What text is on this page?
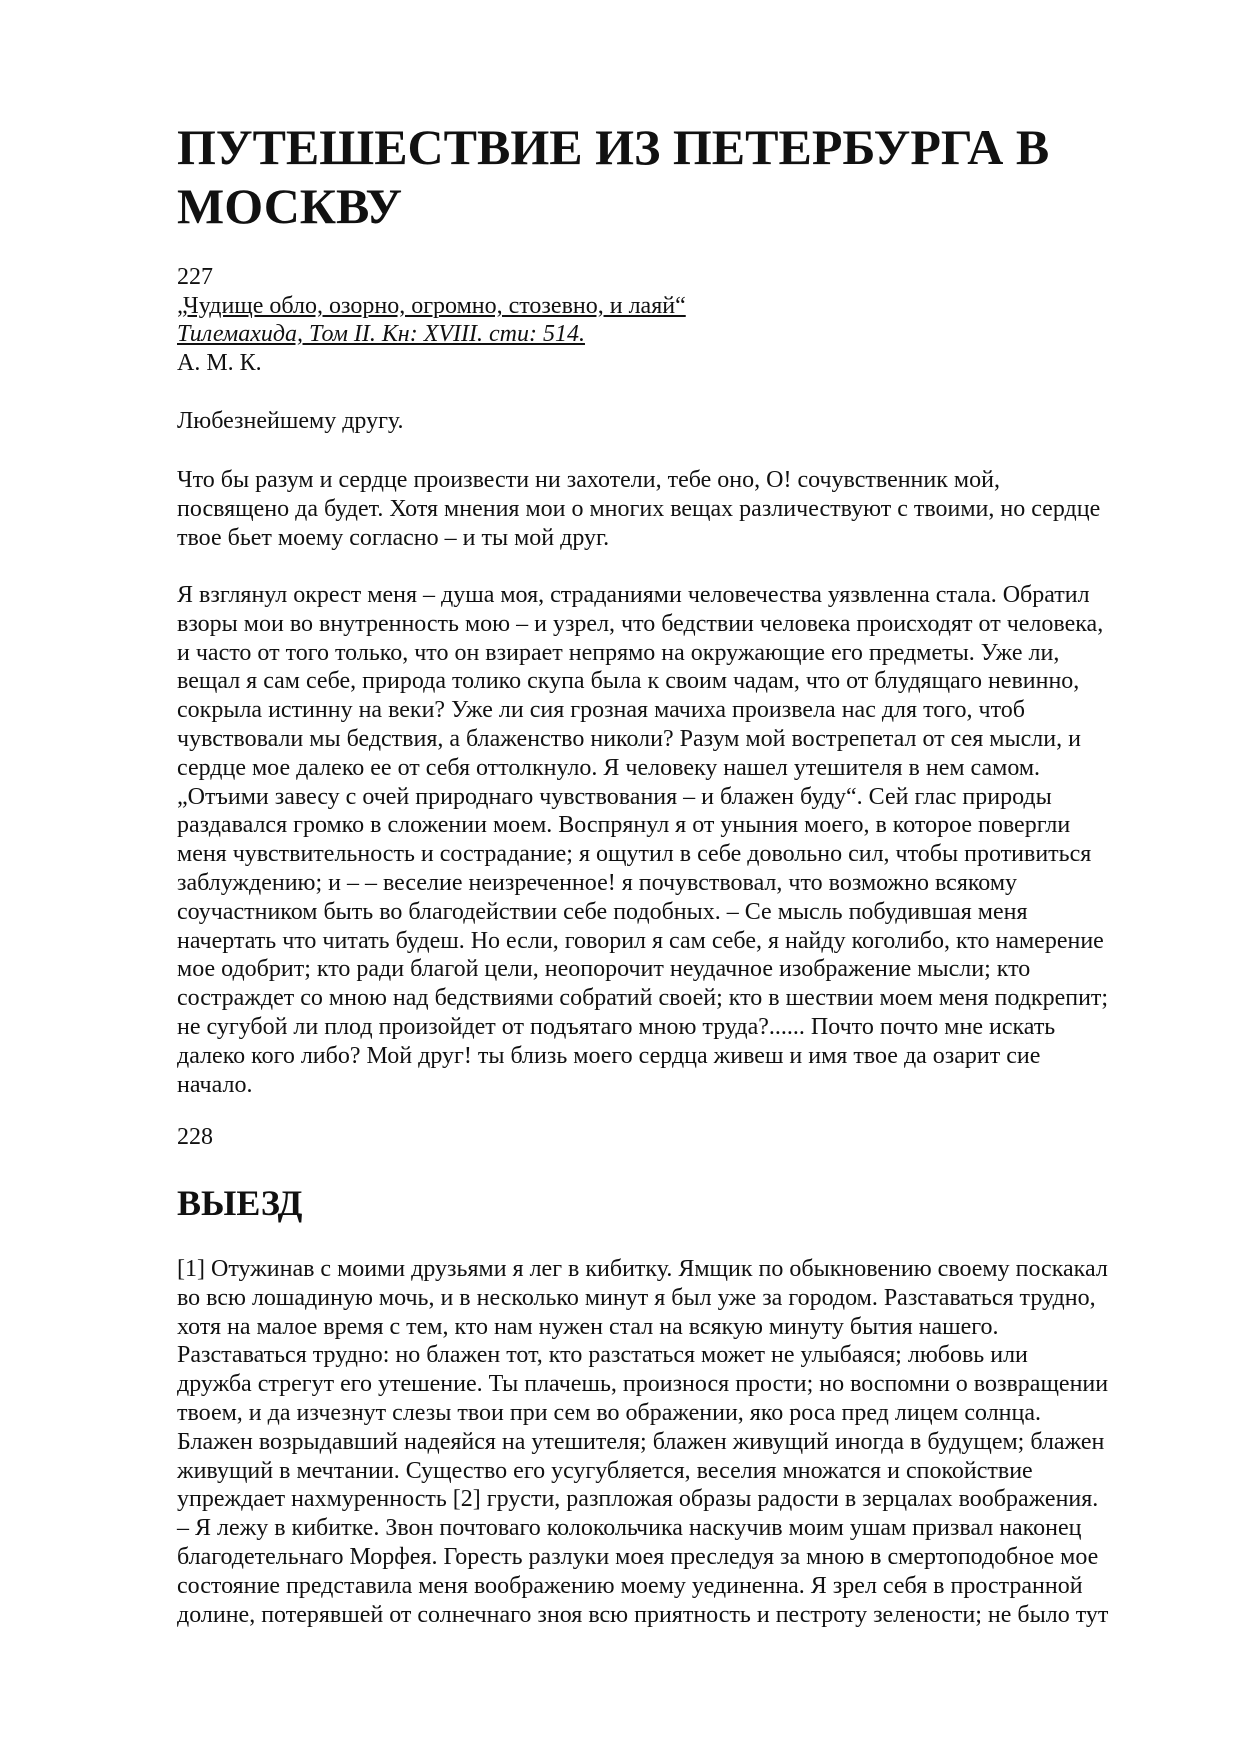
ПУТЕШЕСТВИЕ ИЗ ПЕТЕРБУРГА В МОСКВУ
227
„Чудище обло, озорно, огромно, стозевно, и лаяй“
Тилемахида, Том II. Кн: XVIII. сти: 514.
А. М. К.
Любезнейшему другу.

Что бы разум и сердце произвести ни захотели, тебе оно, О! сочувственник мой,
посвящено да будет. Хотя мнения мои о многих вещах различествуют с твоими, но сердце
твое бьет моему согласно – и ты мой друг.

Я взглянул окрест меня – душа моя, страданиями человечества уязвленна стала. Обратил
взоры мои во внутренность мою – и узрел, что бедствии человека происходят от человека,
и часто от того только, что он взирает непрямо на окружающие его предметы. Уже ли,
вещал я сам себе, природа толико скупа была к своим чадам, что от блудящаго невинно,
сокрыла истинну на веки? Уже ли сия грозная мачиха произвела нас для того, чтоб
чувствовали мы бедствия, а блаженство николи? Разум мой вострепетал от сея мысли, и
сердце мое далеко ее от себя оттолкнуло. Я человеку нашел утешителя в нем самом.
„Отъими завесу с очей природнаго чувствования – и блажен буду“. Сей глас природы
раздавался громко в сложении моем. Воспрянул я от уныния моего, в которое повергли
меня чувствительность и сострадание; я ощутил в себе довольно сил, чтобы противиться
заблуждению; и – – веселие неизреченное! я почувствовал, что возможно всякому
соучастником быть во благодействии себе подобных. – Се мысль побудившая меня
начертать что читать будеш. Но если, говорил я сам себе, я найду коголибо, кто намерение
мое одобрит; кто ради благой цели, неопорочит неудачное изображение мысли; кто
состраждет со мною над бедствиями собратий своей; кто в шествии моем меня подкрепит;
не сугубой ли плод произойдет от подъятаго мною труда?...... Почто почто мне искать
далеко кого либо? Мой друг! ты близь моего сердца живеш и имя твое да озарит сие
начало.

228
ВЫЕЗД

[1] Отужинав с моими друзьями я лег в кибитку. Ямщик по обыкновению своему поскакал
во всю лошадиную мочь, и в несколько минут я был уже за городом. Разставаться трудно,
хотя на малое время с тем, кто нам нужен стал на всякую минуту бытия нашего.
Разставаться трудно: но блажен тот, кто разстаться может не улыбаяся; любовь или
дружба стрегут его утешение. Ты плачешь, произнося прости; но воспомни о возвращении
твоем, и да изчезнут слезы твои при сем во ображении, яко роса пред лицем солнца.
Блажен возрыдавший надеяйся на утешителя; блажен живущий иногда в будущем; блажен
живущий в мечтании. Существо его усугубляется, веселия множатся и спокойствие
упреждает нахмуренность [2] грусти, разпложая образы радости в зерцалах воображения.
– Я лежу в кибитке. Звон почтоваго колокольчика наскучив моим ушам призвал наконец
благодетельнаго Морфея. Горесть разлуки моея преследуя за мною в смертоподобное мое
состояние представила меня воображению моему уединенна. Я зрел себя в пространной
долине, потерявшей от солнечнаго зноя всю приятность и пестроту зелености; не было тут
